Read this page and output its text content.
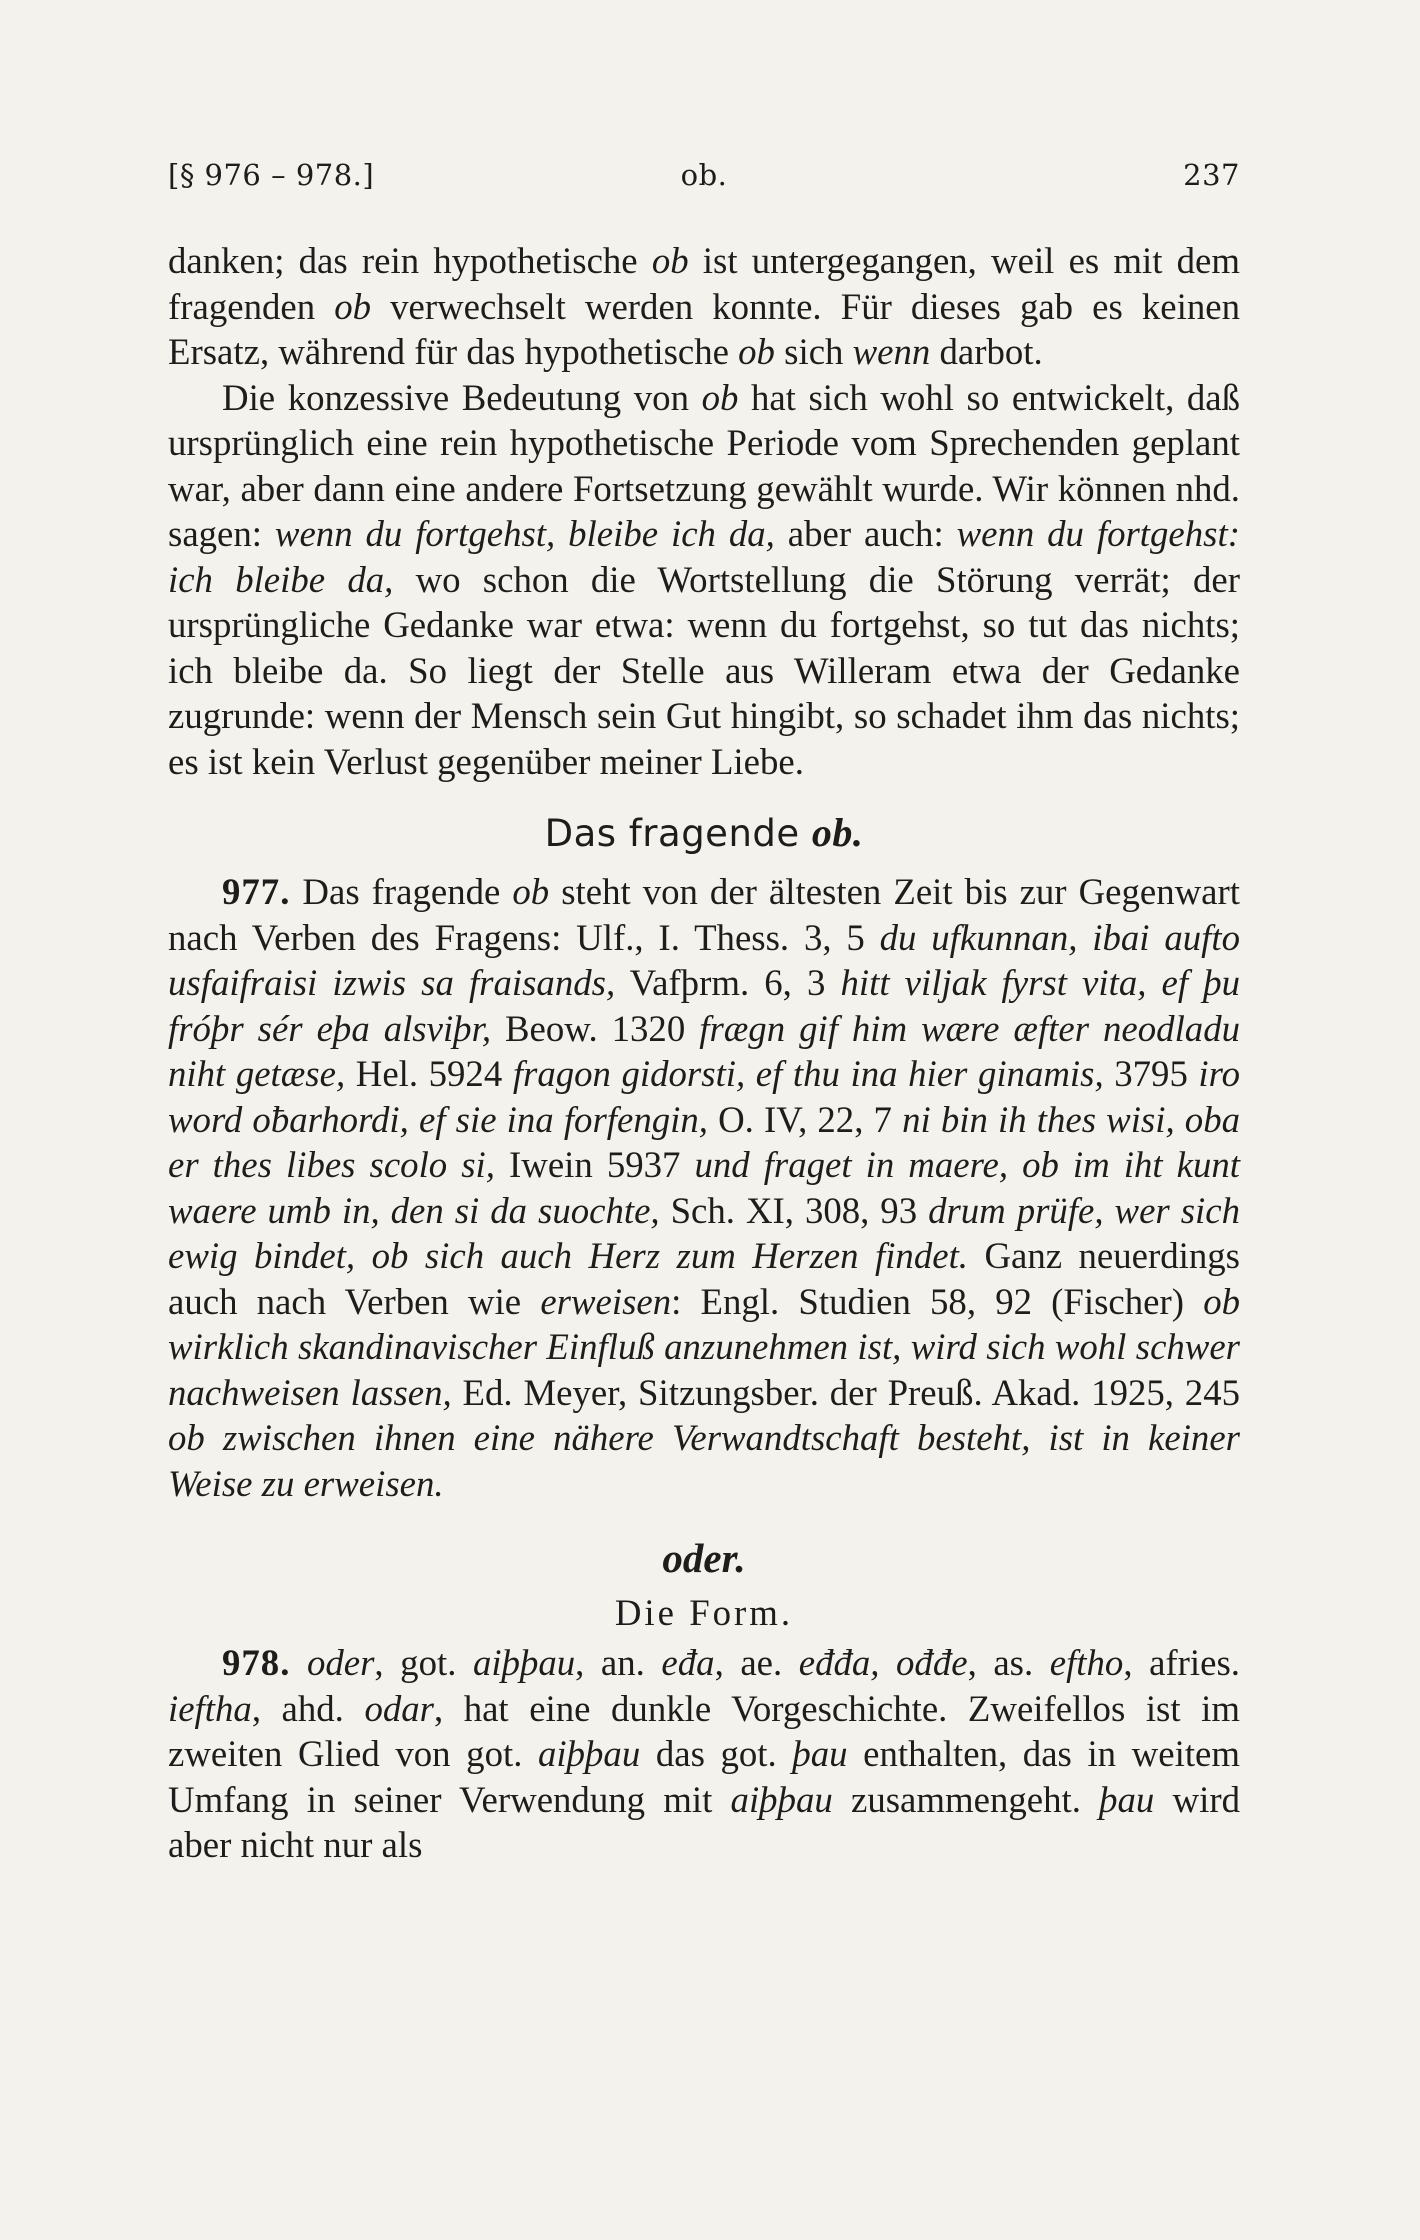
[§ 976 – 978.]	ob.	237

danken; das rein hypothetische ob ist untergegangen, weil es mit dem fragenden ob verwechselt werden konnte. Für dieses gab es keinen Ersatz, während für das hypothetische ob sich wenn darbot.

Die konzessive Bedeutung von ob hat sich wohl so entwickelt, daß ursprünglich eine rein hypothetische Periode vom Sprechenden geplant war, aber dann eine andere Fortsetzung gewählt wurde. Wir können nhd. sagen: wenn du fortgehst, bleibe ich da, aber auch: wenn du fortgehst: ich bleibe da, wo schon die Wortstellung die Störung verrät; der ursprüngliche Gedanke war etwa: wenn du fortgehst, so tut das nichts; ich bleibe da. So liegt der Stelle aus Willeram etwa der Gedanke zugrunde: wenn der Mensch sein Gut hingibt, so schadet ihm das nichts; es ist kein Verlust gegenüber meiner Liebe.

Das fragende ob.

977. Das fragende ob steht von der ältesten Zeit bis zur Gegenwart nach Verben des Fragens: Ulf., I. Thess. 3, 5 du ufkunnan, ibai aufto usfaifraisi izwis sa fraisands, Vafþrm. 6, 3 hitt viljak fyrst vita, ef þu fróþr sér eþa alsviþr, Beow. 1320 frægn gif him wære æfter neodladu niht getæse, Hel. 5924 fragon gidorsti, ef thu ina hier ginamis, 3795 iro word oƀarhordi, ef sie ina forfengin, O. IV, 22, 7 ni bin ih thes wisi, oba er thes libes scolo si, Iwein 5937 und fraget in maere, ob im iht kunt waere umb in, den si da suochte, Sch. XI, 308, 93 drum prüfe, wer sich ewig bindet, ob sich auch Herz zum Herzen findet. Ganz neuerdings auch nach Verben wie erweisen: Engl. Studien 58, 92 (Fischer) ob wirklich skandinavischer Einfluß anzunehmen ist, wird sich wohl schwer nachweisen lassen, Ed. Meyer, Sitzungsber. der Preuß. Akad. 1925, 245 ob zwischen ihnen eine nähere Verwandtschaft besteht, ist in keiner Weise zu erweisen.

oder.
Die Form.

978. oder, got. aiþþau, an. eđa, ae. eđđa, ođđe, as. eftho, afries. ieftha, ahd. odar, hat eine dunkle Vorgeschichte. Zweifellos ist im zweiten Glied von got. aiþþau das got. þau enthalten, das in weitem Umfang in seiner Verwendung mit aiþþau zusammengeht. þau wird aber nicht nur als
